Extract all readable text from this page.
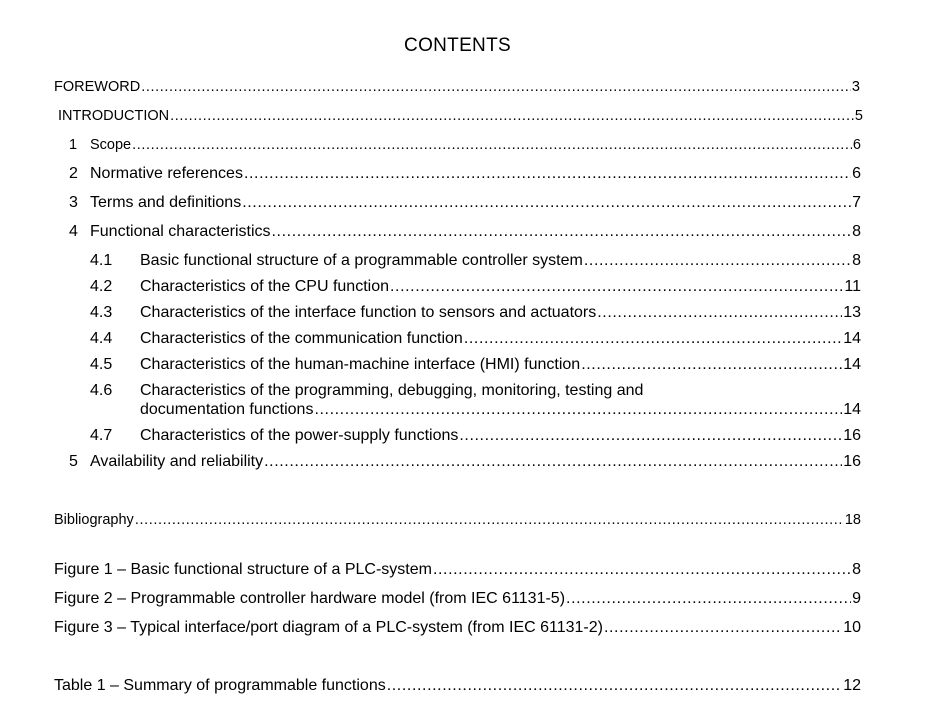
CONTENTS
FOREWORD .....	3
INTRODUCTION .....	5
1 Scope .....	6
2 Normative references .....	6
3 Terms and definitions .....	7
4 Functional characteristics .....	8
4.1	Basic functional structure of a programmable controller system .....	8
4.2	Characteristics of the CPU function .....	11
4.3	Characteristics of the interface function to sensors and actuators .....	13
4.4	Characteristics of the communication function .....	14
4.5	Characteristics of the human-machine interface (HMI) function .....	14
4.6	Characteristics of the programming, debugging, monitoring, testing and
documentation functions .....	14
4.7	Characteristics of the power-supply functions .....	16
5 Availability and reliability .....	16
Bibliography .....	18
Figure 1 – Basic functional structure of a PLC-system .....	8
Figure 2 – Programmable controller hardware model (from IEC 61131-5) .....	9
Figure 3 – Typical interface/port diagram of a PLC-system (from IEC 61131-2) .....	10
Table 1 – Summary of programmable functions .....	12
